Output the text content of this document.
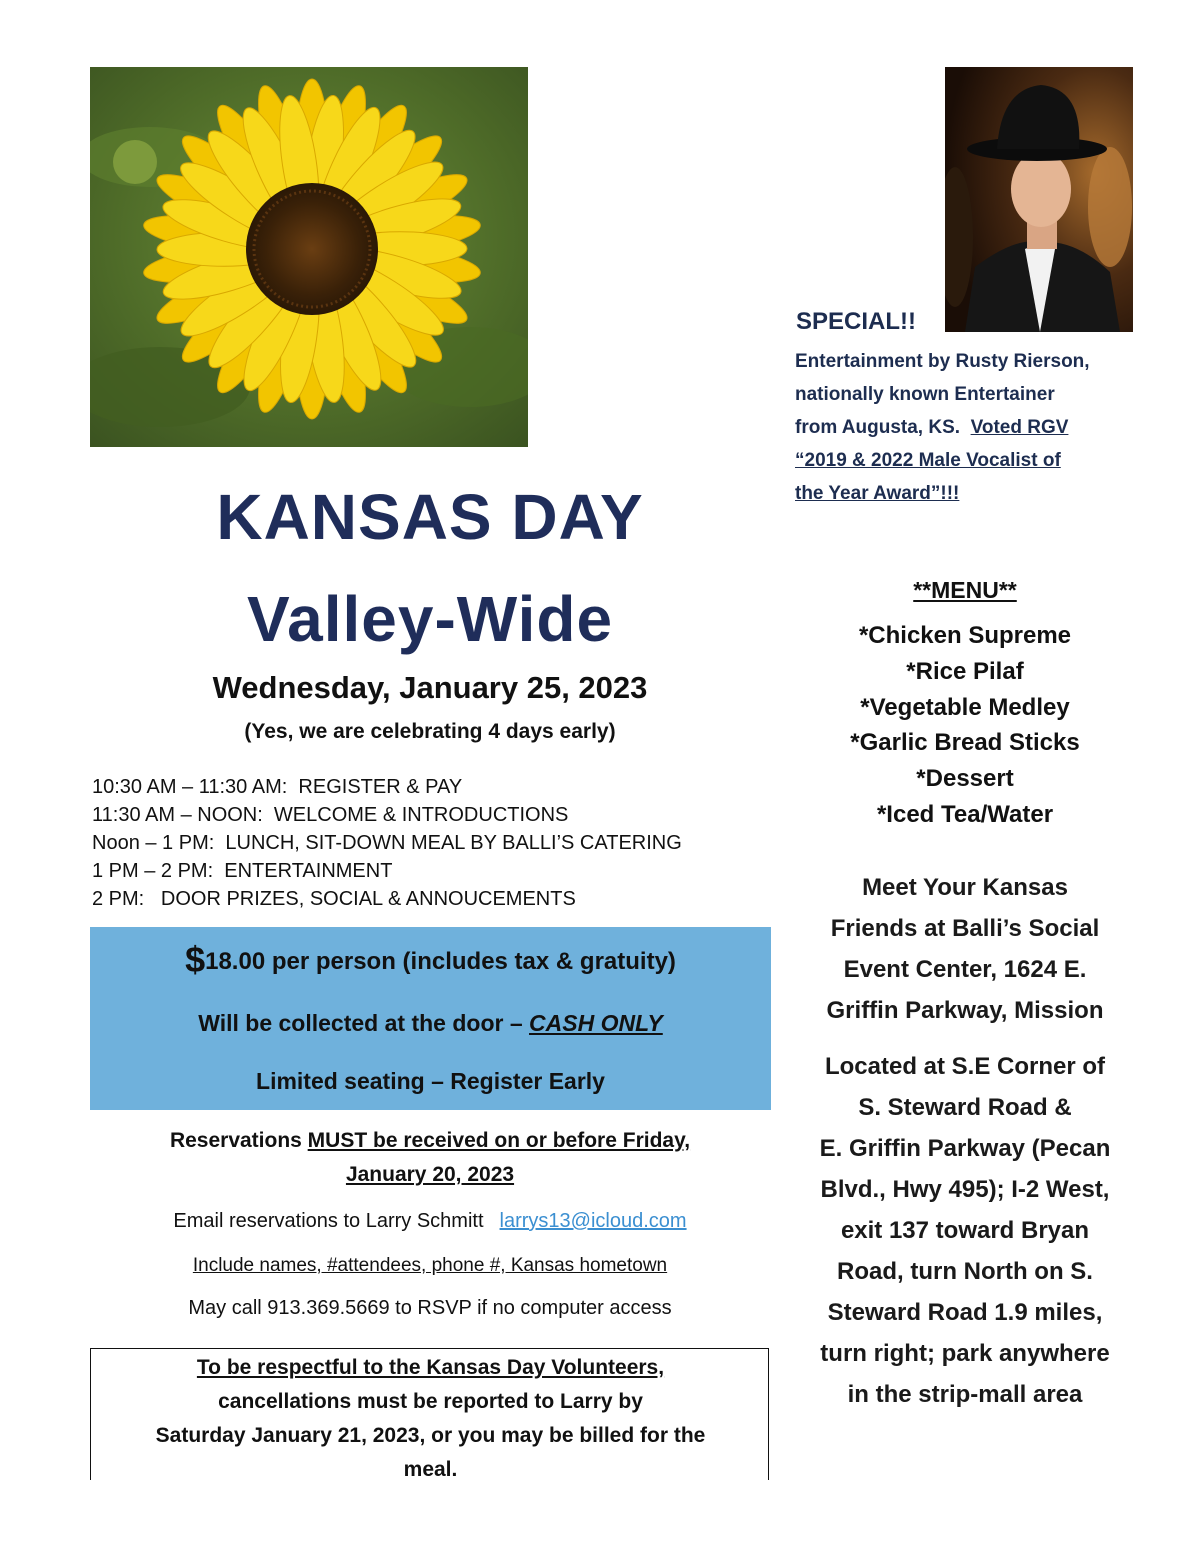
SPECIAL!!
Entertainment by Rusty Rierson,
nationally known Entertainer
from Augusta, KS. Voted RGV
“2019 & 2022 Male Vocalist of
the Year Award”!!!
KANSAS DAY
Valley-Wide
Wednesday, January 25, 2023
(Yes, we are celebrating 4 days early)
10:30 AM – 11:30 AM:  REGISTER & PAY
11:30 AM – NOON:  WELCOME & INTRODUCTIONS
Noon – 1 PM:  LUNCH, SIT-DOWN MEAL BY BALLI’S CATERING
1 PM – 2 PM:  ENTERTAINMENT
2 PM:   DOOR PRIZES, SOCIAL & ANNOUCEMENTS
$18.00 per person (includes tax & gratuity)
Will be collected at the door – CASH ONLY
Limited seating – Register Early
Reservations MUST be received on or before Friday,
January 20, 2023
Email reservations to Larry Schmitt larrys13@icloud.com
Include names, #attendees, phone #, Kansas hometown
May call 913.369.5669 to RSVP if no computer access
To be respectful to the Kansas Day Volunteers,
cancellations must be reported to Larry by
Saturday January 21, 2023, or you may be billed for the
meal.
**MENU**
*Chicken Supreme
*Rice Pilaf
*Vegetable Medley
*Garlic Bread Sticks
*Dessert
*Iced Tea/Water
Meet Your Kansas
Friends at Balli’s Social
Event Center, 1624 E.
Griffin Parkway, Mission
Located at S.E Corner of
S. Steward Road &
E. Griffin Parkway (Pecan
Blvd., Hwy 495); I-2 West,
exit 137 toward Bryan
Road, turn North on S.
Steward Road 1.9 miles,
turn right; park anywhere
in the strip-mall area
